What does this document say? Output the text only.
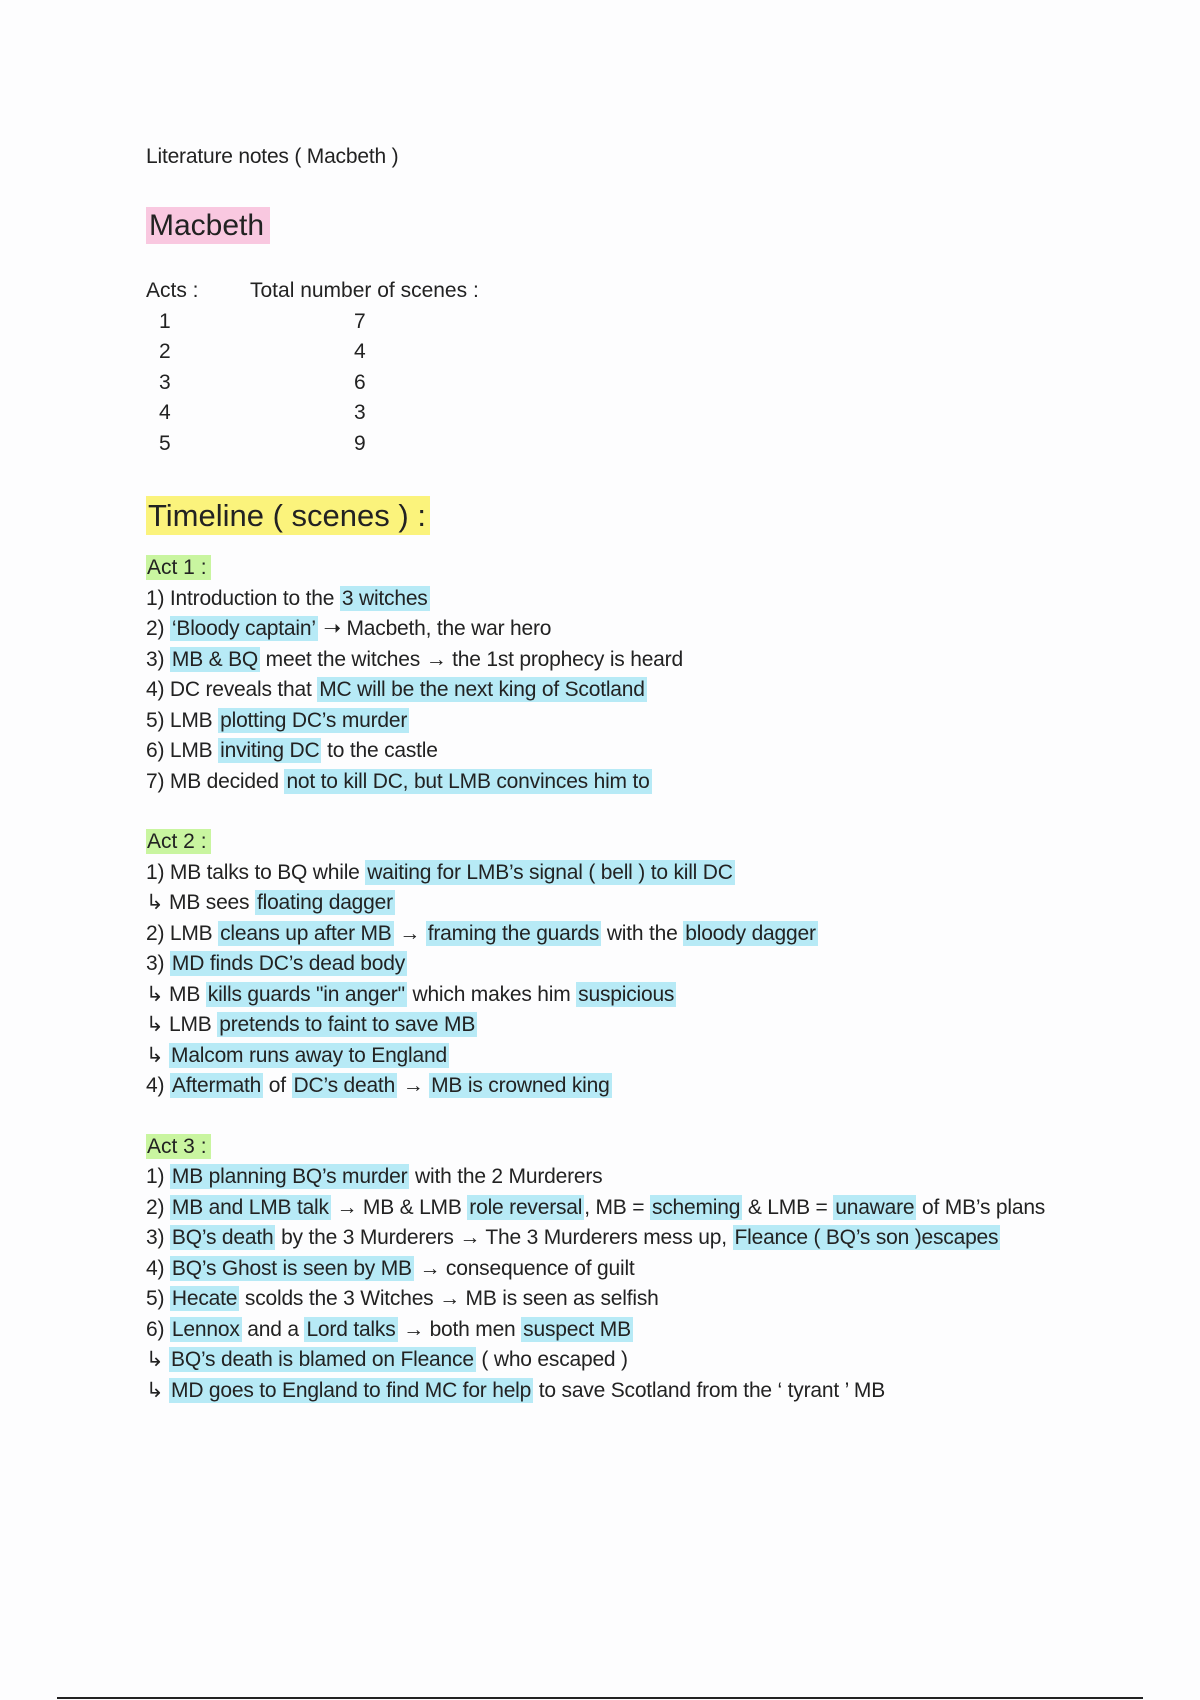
Literature notes ( Macbeth )
Macbeth
Acts :	Total number of scenes :
1	7
2	4
3	6
4	3
5	9
Timeline ( scenes ) :
Act 1 :
1) Introduction to the 3 witches
2) ‘Bloody captain’ ➝ Macbeth, the war hero
3) MB & BQ meet the witches → the 1st prophecy is heard
4) DC reveals that MC will be the next king of Scotland
5) LMB plotting DC’s murder
6) LMB inviting DC to the castle
7) MB decided not to kill DC, but LMB convinces him to
Act 2 :
1) MB talks to BQ while waiting for LMB’s signal ( bell ) to kill DC
↳ MB sees floating dagger
2) LMB cleans up after MB → framing the guards with the bloody dagger
3) MD finds DC’s dead body
↳ MB kills guards "in anger" which makes him suspicious
↳ LMB pretends to faint to save MB
↳ Malcom runs away to England
4) Aftermath of DC’s death → MB is crowned king
Act 3 :
1) MB planning BQ’s murder with the 2 Murderers
2) MB and LMB talk → MB & LMB role reversal, MB = scheming & LMB = unaware of MB’s plans
3) BQ’s death by the 3 Murderers → The 3 Murderers mess up, Fleance ( BQ’s son )escapes
4) BQ’s Ghost is seen by MB → consequence of guilt
5) Hecate scolds the 3 Witches → MB is seen as selfish
6) Lennox and a Lord talks → both men suspect MB
↳ BQ’s death is blamed on Fleance ( who escaped )
↳ MD goes to England to find MC for help to save Scotland from the ‘ tyrant ’ MB
